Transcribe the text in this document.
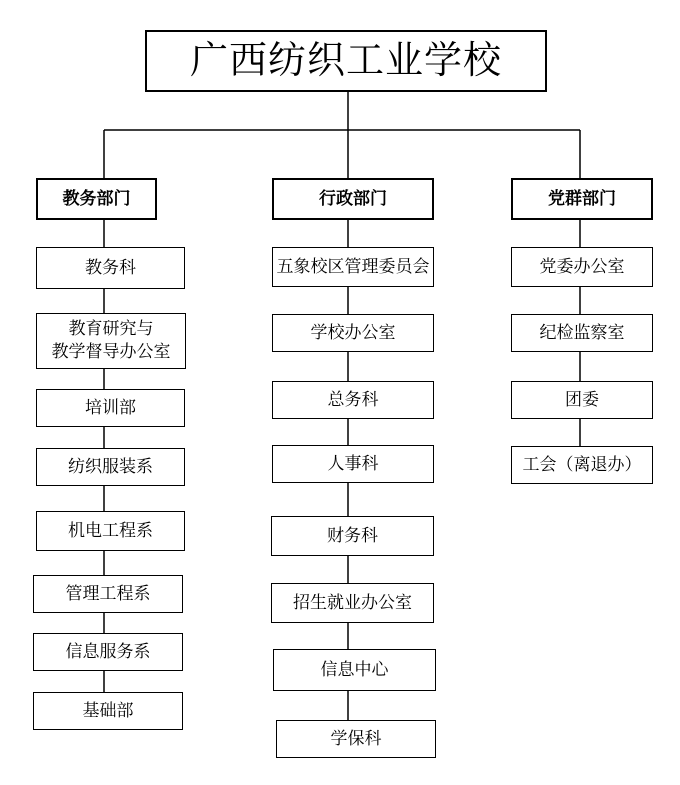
广西纺织工业学校
教务部门
教务科
教育研究与
教学督导办公室
培训部
纺织服装系
机电工程系
管理工程系
信息服务系
基础部
行政部门
五象校区管理委员会
学校办公室
总务科
人事科
财务科
招生就业办公室
信息中心
学保科
党群部门
党委办公室
纪检监察室
团委
工会（离退办）
